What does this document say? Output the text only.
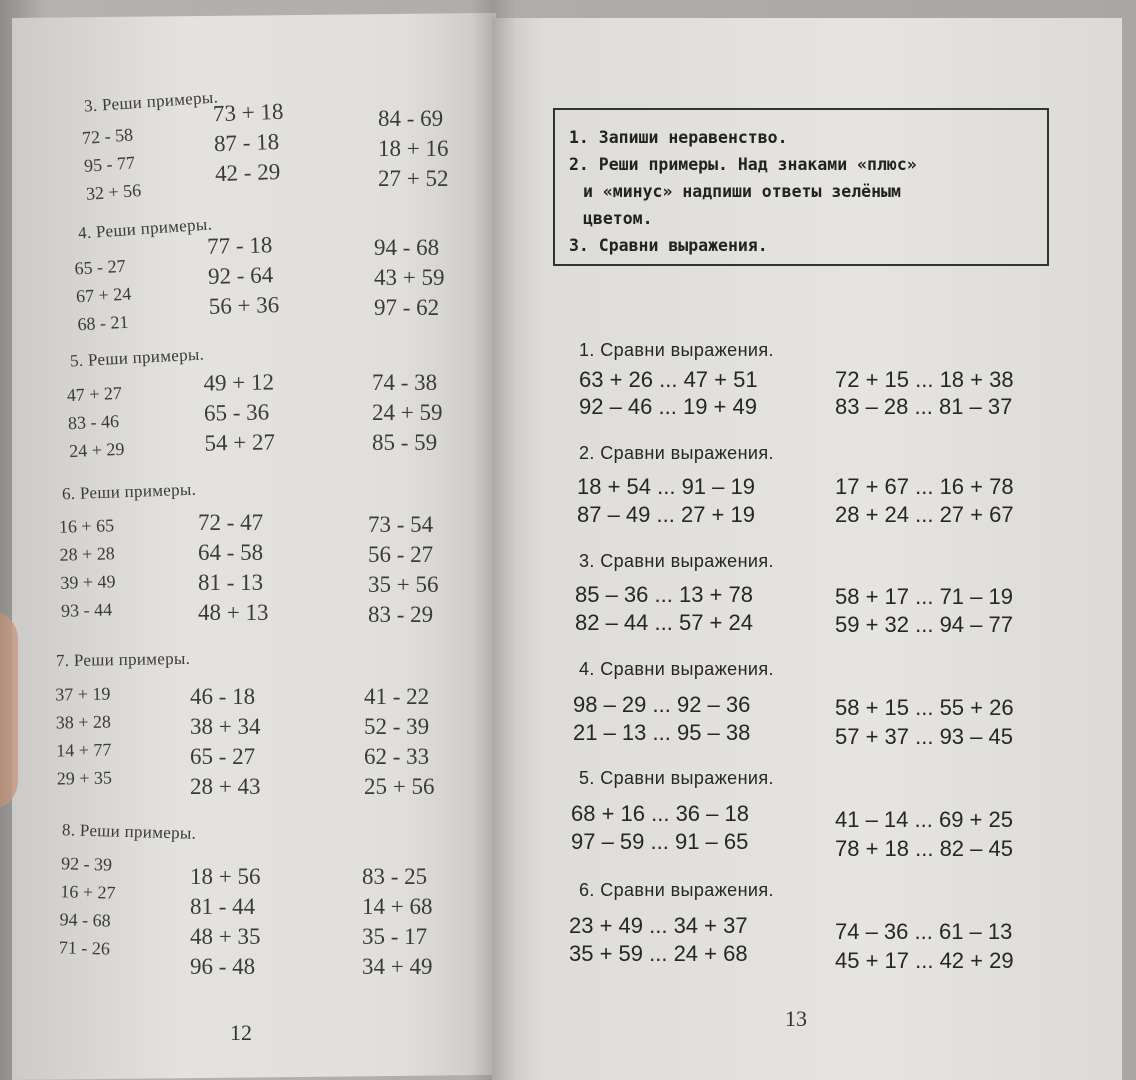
3. Реши примеры.
72 - 58
95 - 77
32 + 56
73 + 18
87 - 18
42 - 29
84 - 69
18 + 16
27 + 52
4. Реши примеры.
65 - 27
67 + 24
68 - 21
77 - 18
92 - 64
56 + 36
94 - 68
43 + 59
97 - 62
5. Реши примеры.
47 + 27
83 - 46
24 + 29
49 + 12
65 - 36
54 + 27
74 - 38
24 + 59
85 - 59
6. Реши примеры.
16 + 65
28 + 28
39 + 49
93 - 44
72 - 47
64 - 58
81 - 13
48 + 13
73 - 54
56 - 27
35 + 56
83 - 29
7. Реши примеры.
37 + 19
38 + 28
14 + 77
29 + 35
46 - 18
38 + 34
65 - 27
28 + 43
41 - 22
52 - 39
62 - 33
25 + 56
8. Реши примеры.
92 - 39
16 + 27
94 - 68
71 - 26
18 + 56
81 - 44
48 + 35
96 - 48
83 - 25
14 + 68
35 - 17
34 + 49
12
1. Запиши неравенство.
2. Реши примеры. Над знаками «плюс»
и «минус» надпиши ответы зелёным
цветом.
3. Сравни выражения.
1. Сравни выражения.
63 + 26 ... 47 + 51
92 – 46 ... 19 + 49
72 + 15 ... 18 + 38
83 – 28 ... 81 – 37
2. Сравни выражения.
18 + 54 ... 91 – 19
87 – 49 ... 27 + 19
17 + 67 ... 16 + 78
28 + 24 ... 27 + 67
3. Сравни выражения.
85 – 36 ... 13 + 78
82 – 44 ... 57 + 24
58 + 17 ... 71 – 19
59 + 32 ... 94 – 77
4. Сравни выражения.
98 – 29 ... 92 – 36
21 – 13 ... 95 – 38
58 + 15 ... 55 + 26
57 + 37 ... 93 – 45
5. Сравни выражения.
68 + 16 ... 36 – 18
97 – 59 ... 91 – 65
41 – 14 ... 69 + 25
78 + 18 ... 82 – 45
6. Сравни выражения.
23 + 49 ... 34 + 37
35 + 59 ... 24 + 68
74 – 36 ... 61 – 13
45 + 17 ... 42 + 29
13
